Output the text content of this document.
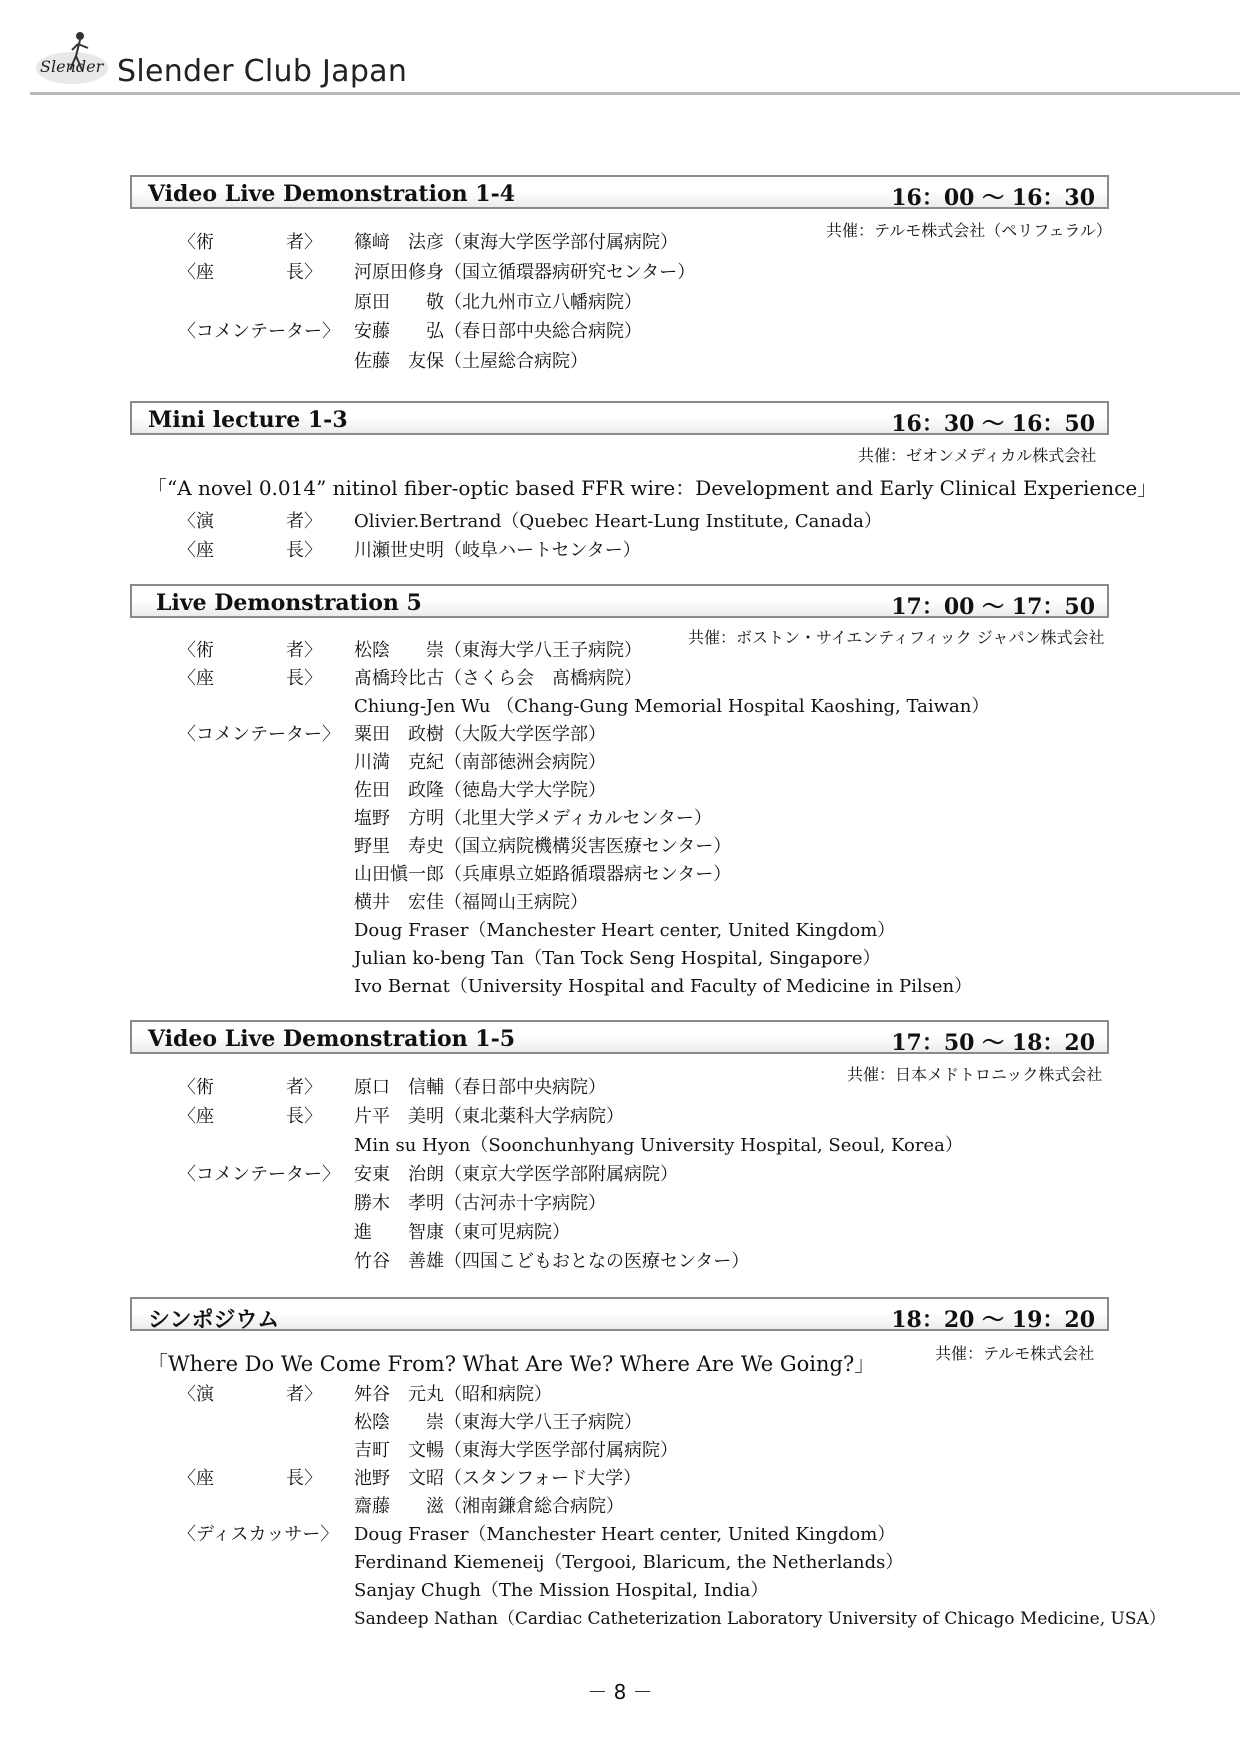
Slender Slender Club Japan
Video Live Demonstration 1-4	16：00 ～ 16：30
共催：テルモ株式会社（ペリフェラル）
〈術　　　　者〉 篠﨑　法彦（東海大学医学部付属病院）
〈座　　　　長〉 河原田修身（国立循環器病研究センター）
原田　　敬（北九州市立八幡病院）
〈コメンテーター〉 安藤　　弘（春日部中央総合病院）
佐藤　友保（土屋総合病院）
Mini lecture 1-3	16：30 ～ 16：50
共催：ゼオンメディカル株式会社
「“A novel 0.014” nitinol fiber-optic based FFR wire：Development and Early Clinical Experience」
〈演　　　　者〉 Olivier.Bertrand（Quebec Heart-Lung Institute, Canada）
〈座　　　　長〉 川瀬世史明（岐阜ハートセンター）
Live Demonstration 5	17：00 ～ 17：50
共催：ボストン・サイエンティフィック ジャパン株式会社
〈術　　　　者〉 松陰　　崇（東海大学八王子病院）
〈座　　　　長〉 髙橋玲比古（さくら会　髙橋病院）
Chiung-Jen Wu （Chang-Gung Memorial Hospital Kaoshing, Taiwan）
〈コメンテーター〉 粟田　政樹（大阪大学医学部）
川満　克紀（南部徳洲会病院）
佐田　政隆（徳島大学大学院）
塩野　方明（北里大学メディカルセンター）
野里　寿史（国立病院機構災害医療センター）
山田愼一郎（兵庫県立姫路循環器病センター）
横井　宏佳（福岡山王病院）
Doug Fraser（Manchester Heart center, United Kingdom）
Julian ko-beng Tan（Tan Tock Seng Hospital, Singapore）
Ivo Bernat（University Hospital and Faculty of Medicine in Pilsen）
Video Live Demonstration 1-5	17：50 ～ 18：20
共催：日本メドトロニック株式会社
〈術　　　　者〉 原口　信輔（春日部中央病院）
〈座　　　　長〉 片平　美明（東北薬科大学病院）
Min su Hyon（Soonchunhyang University Hospital, Seoul, Korea）
〈コメンテーター〉 安東　治朗（東京大学医学部附属病院）
勝木　孝明（古河赤十字病院）
進　　智康（東可児病院）
竹谷　善雄（四国こどもおとなの医療センター）
シンポジウム	18：20 ～ 19：20
共催：テルモ株式会社
「Where Do We Come From? What Are We? Where Are We Going?」
〈演　　　　者〉 舛谷　元丸（昭和病院）
松陰　　崇（東海大学八王子病院）
吉町　文暢（東海大学医学部付属病院）
〈座　　　　長〉 池野　文昭（スタンフォード大学）
齋藤　　滋（湘南鎌倉総合病院）
〈ディスカッサー〉 Doug Fraser（Manchester Heart center, United Kingdom）
Ferdinand Kiemeneij（Tergooi, Blaricum, the Netherlands）
Sanjay Chugh（The Mission Hospital, India）
Sandeep Nathan（Cardiac Catheterization Laboratory University of Chicago Medicine, USA）
－ 8 －
